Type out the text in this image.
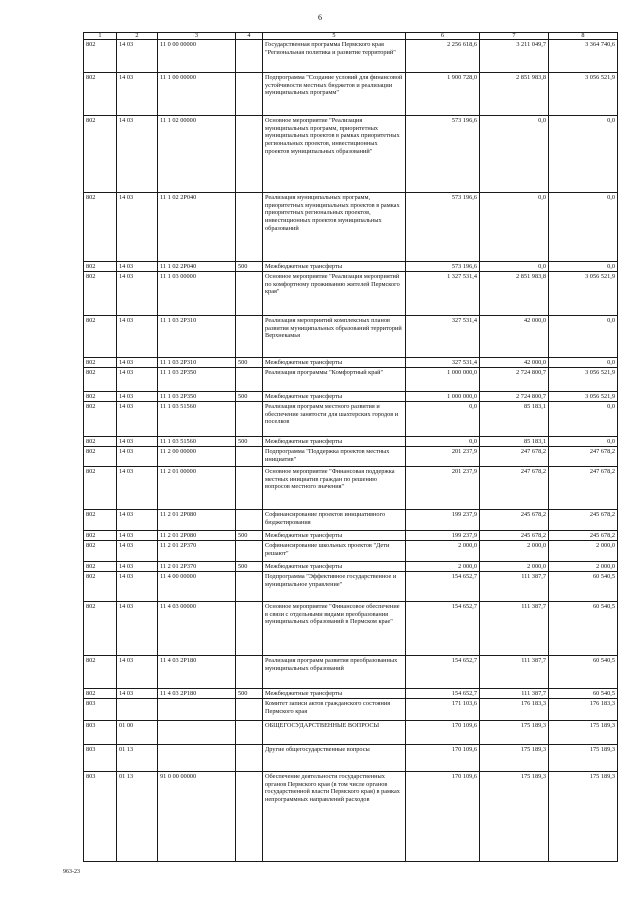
6
1	2	3	4	5	6	7	8
802	14 03	11 0 00 00000		Государственная программа Пермского края "Региональная политика и развитие территорий"	2 256 618,6	3 211 049,7	3 364 740,6
802	14 03	11 1 00 00000		Подпрограмма "Создание условий для финансовой устойчивости местных бюджетов и реализации муниципальных программ"	1 900 728,0	2 851 983,8	3 056 521,9
802	14 03	11 1 02 00000		Основное мероприятие "Реализация муниципальных программ, приоритетных муниципальных проектов в рамках приоритетных региональных проектов, инвестиционных проектов муниципальных образований"	573 196,6	0,0	0,0
802	14 03	11 1 02 2P040		Реализация муниципальных программ, приоритетных муниципальных проектов в рамках приоритетных региональных проектов, инвестиционных проектов муниципальных образований	573 196,6	0,0	0,0
802	14 03	11 1 02 2P040	500	Межбюджетные трансферты	573 196,6	0,0	0,0
802	14 03	11 1 03 00000		Основное мероприятие "Реализация мероприятий по комфортному проживанию жителей Пермского края"	1 327 531,4	2 851 983,8	3 056 521,9
802	14 03	11 1 03 2P310		Реализация мероприятий комплексных планов развития муниципальных образований территорий Верхнекамья	327 531,4	42 000,0	0,0
802	14 03	11 1 03 2P310	500	Межбюджетные трансферты	327 531,4	42 000,0	0,0
802	14 03	11 1 03 2P350		Реализация программы "Комфортный край"	1 000 000,0	2 724 800,7	3 056 521,9
802	14 03	11 1 03 2P350	500	Межбюджетные трансферты	1 000 000,0	2 724 800,7	3 056 521,9
802	14 03	11 1 03 51560		Реализация программ местного развития и обеспечение занятости для шахтерских городов и поселков	0,0	85 183,1	0,0
802	14 03	11 1 03 51560	500	Межбюджетные трансферты	0,0	85 183,1	0,0
802	14 03	11 2 00 00000		Подпрограмма "Поддержка проектов местных инициатив"	201 237,9	247 678,2	247 678,2
802	14 03	11 2 01 00000		Основное мероприятие "Финансовая поддержка местных инициатив граждан по решению вопросов местного значения"	201 237,9	247 678,2	247 678,2
802	14 03	11 2 01 2P080		Софинансирование проектов инициативного бюджетирования	199 237,9	245 678,2	245 678,2
802	14 03	11 2 01 2P080	500	Межбюджетные трансферты	199 237,9	245 678,2	245 678,2
802	14 03	11 2 01 2P370		Софинансирование школьных проектов "Дети решают"	2 000,0	2 000,0	2 000,0
802	14 03	11 2 01 2P370	500	Межбюджетные трансферты	2 000,0	2 000,0	2 000,0
802	14 03	11 4 00 00000		Подпрограмма "Эффективное государственное и муниципальное управление"	154 652,7	111 387,7	60 540,5
802	14 03	11 4 03 00000		Основное мероприятие "Финансовое обеспечение в связи с отдельными видами преобразования муниципальных образований в Пермском крае"	154 652,7	111 387,7	60 540,5
802	14 03	11 4 03 2P180		Реализация программ развития преобразованных муниципальных образований	154 652,7	111 387,7	60 540,5
802	14 03	11 4 03 2P180	500	Межбюджетные трансферты	154 652,7	111 387,7	60 540,5
803				Комитет записи актов гражданского состояния Пермского края	171 103,6	176 183,3	176 183,3
803	01 00			ОБЩЕГОСУДАРСТВЕННЫЕ ВОПРОСЫ	170 109,6	175 189,3	175 189,3
803	01 13			Другие общегосударственные вопросы	170 109,6	175 189,3	175 189,3
803	01 13	91 0 00 00000		Обеспечение деятельности государственных органов Пермского края (в том числе органов государственной власти Пермского края) в рамках непрограммных направлений расходов	170 109,6	175 189,3	175 189,3
963-23
